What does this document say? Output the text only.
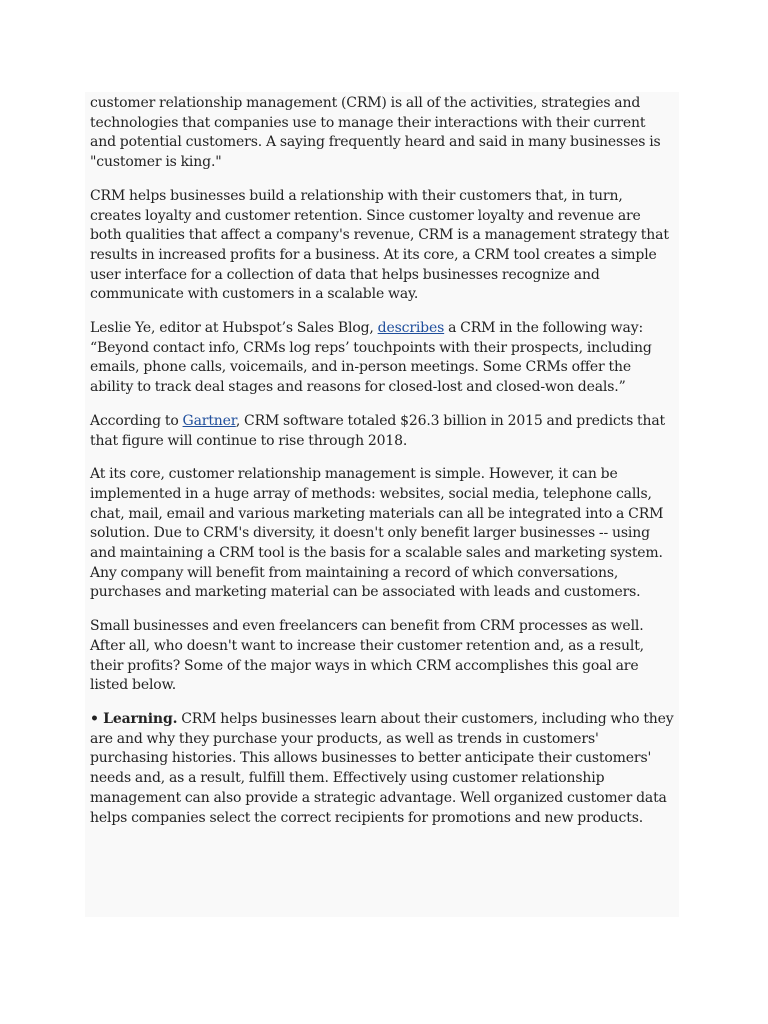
customer relationship management (CRM) is all of the activities, strategies and technologies that companies use to manage their interactions with their current and potential customers. A saying frequently heard and said in many businesses is "customer is king."

CRM helps businesses build a relationship with their customers that, in turn, creates loyalty and customer retention. Since customer loyalty and revenue are both qualities that affect a company's revenue, CRM is a management strategy that results in increased profits for a business. At its core, a CRM tool creates a simple user interface for a collection of data that helps businesses recognize and communicate with customers in a scalable way.

Leslie Ye, editor at Hubspot’s Sales Blog, describes a CRM in the following way: “Beyond contact info, CRMs log reps’ touchpoints with their prospects, including emails, phone calls, voicemails, and in-person meetings. Some CRMs offer the ability to track deal stages and reasons for closed-lost and closed-won deals.”

According to Gartner, CRM software totaled $26.3 billion in 2015 and predicts that that figure will continue to rise through 2018.

At its core, customer relationship management is simple. However, it can be implemented in a huge array of methods: websites, social media, telephone calls, chat, mail, email and various marketing materials can all be integrated into a CRM solution. Due to CRM's diversity, it doesn't only benefit larger businesses -- using and maintaining a CRM tool is the basis for a scalable sales and marketing system. Any company will benefit from maintaining a record of which conversations, purchases and marketing material can be associated with leads and customers.

Small businesses and even freelancers can benefit from CRM processes as well. After all, who doesn't want to increase their customer retention and, as a result, their profits? Some of the major ways in which CRM accomplishes this goal are listed below.

• Learning. CRM helps businesses learn about their customers, including who they are and why they purchase your products, as well as trends in customers' purchasing histories. This allows businesses to better anticipate their customers' needs and, as a result, fulfill them. Effectively using customer relationship management can also provide a strategic advantage. Well organized customer data helps companies select the correct recipients for promotions and new products.
